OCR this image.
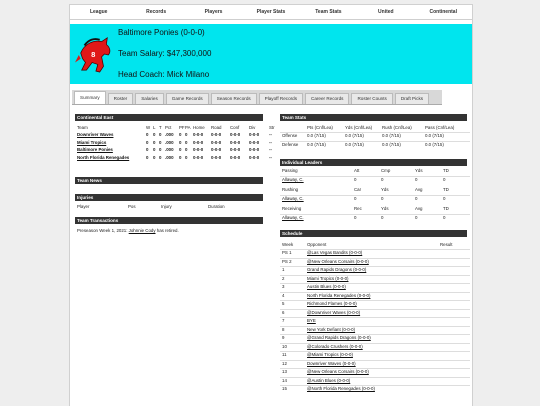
League	Records	Players	Player Stats	Team Stats	United	Continental
8
Baltimore Ponies (0-0-0)
Team Salary: $47,300,000
Head Coach: Mick Milano
Summary	Roster	Salaries	Game Records	Season Records	Playoff Records	Career Records	Roster Counts	Draft Picks
Continental East
Team	W L T Pct PF PA Home Road Conf Div	Str
Downriver Waves	0 0 0 .000 0 0 0-0-0 0-0-0 0-0-0 0-0-0 --
Miami Tropics	0 0 0 .000 0 0 0-0-0 0-0-0 0-0-0 0-0-0 --
Baltimore Ponies	0 0 0 .000 0 0 0-0-0 0-0-0 0-0-0 0-0-0 --
North Florida Renegades	0 0 0 .000 0 0 0-0-0 0-0-0 0-0-0 0-0-0 --
Team News
Injuries
Player	Pos	Injury	Duration
Team Transactions
Preseason Week 1, 2021: Johnnie Cody has retired.
Team Stats
Pts (Cnf/Lea)	Yds (Cnf/Lea) Rush (Cnf/Lea)	Pass (Cnf/Lea)
Offense 0.0 (7/15)	0.0 (7/15)	0.0 (7/15)	0.0 (7/15)
Defense 0.0 (7/15)	0.0 (7/15)	0.0 (7/15)	0.0 (7/15)
Individual Leaders
Passing	Att	Cmp	Yds	TD
Allaway, C.	0	0	0	0
Rushing	Car	Yds	Avg	TD
Allaway, C.	0	0	0	0
Receiving	Rec	Yds	Avg	TD
Allaway, C.	0	0	0	0
Schedule
Week	Opponent	Result
PS 1	@Las Vegas Bandits (0-0-0)
PS 2	@New Orleans Corsairs (0-0-0)
1	Grand Rapids Dragons (0-0-0)
2	Miami Tropics (0-0-0)
3	Austin Blues (0-0-0)
4	North Florida Renegades (0-0-0)
5	Richmond Flames (0-0-0)
6	@Downriver Waves (0-0-0)
7	BYE
8	New York Defiant (0-0-0)
9	@Grand Rapids Dragons (0-0-0)
10	@Colorado Crushers (0-0-0)
11	@Miami Tropics (0-0-0)
12	Downriver Waves (0-0-0)
13	@New Orleans Corsairs (0-0-0)
14	@Austin Blues (0-0-0)
15	@North Florida Renegades (0-0-0)
